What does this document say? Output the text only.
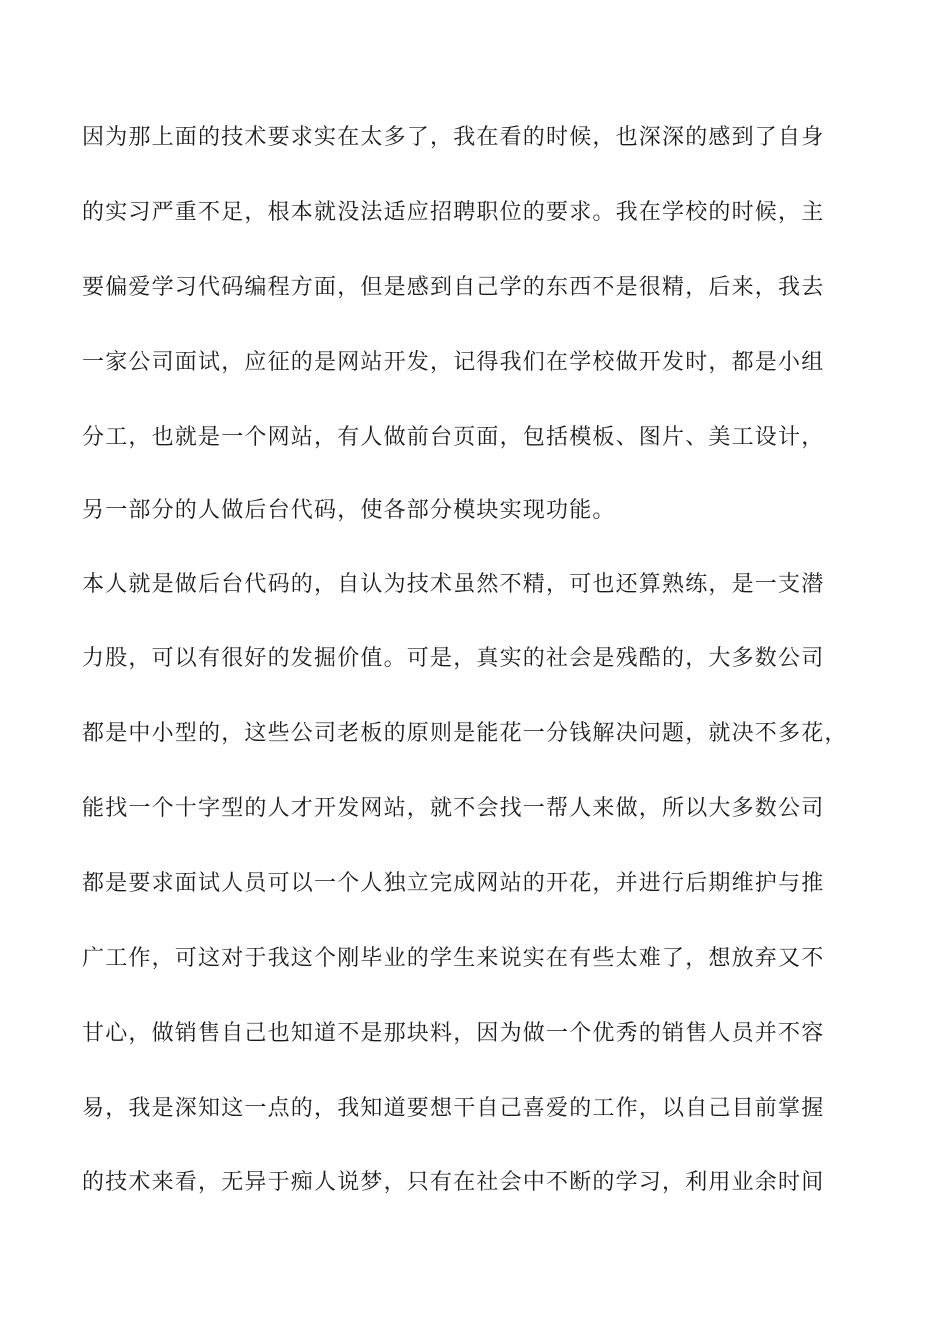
因为那上面的技术要求实在太多了，我在看的时候，也深深的感到了自身

的实习严重不足，根本就没法适应招聘职位的要求。我在学校的时候，主

要偏爱学习代码编程方面，但是感到自己学的东西不是很精，后来，我去

一家公司面试，应征的是网站开发，记得我们在学校做开发时，都是小组

分工，也就是一个网站，有人做前台页面，包括模板、图片、美工设计，

另一部分的人做后台代码，使各部分模块实现功能。

本人就是做后台代码的，自认为技术虽然不精，可也还算熟练，是一支潜

力股，可以有很好的发掘价值。可是，真实的社会是残酷的，大多数公司

都是中小型的，这些公司老板的原则是能花一分钱解决问题，就决不多花，

能找一个十字型的人才开发网站，就不会找一帮人来做，所以大多数公司

都是要求面试人员可以一个人独立完成网站的开花，并进行后期维护与推

广工作，可这对于我这个刚毕业的学生来说实在有些太难了，想放弃又不

甘心，做销售自己也知道不是那块料，因为做一个优秀的销售人员并不容

易，我是深知这一点的，我知道要想干自己喜爱的工作，以自己目前掌握

的技术来看，无异于痴人说梦，只有在社会中不断的学习，利用业余时间
